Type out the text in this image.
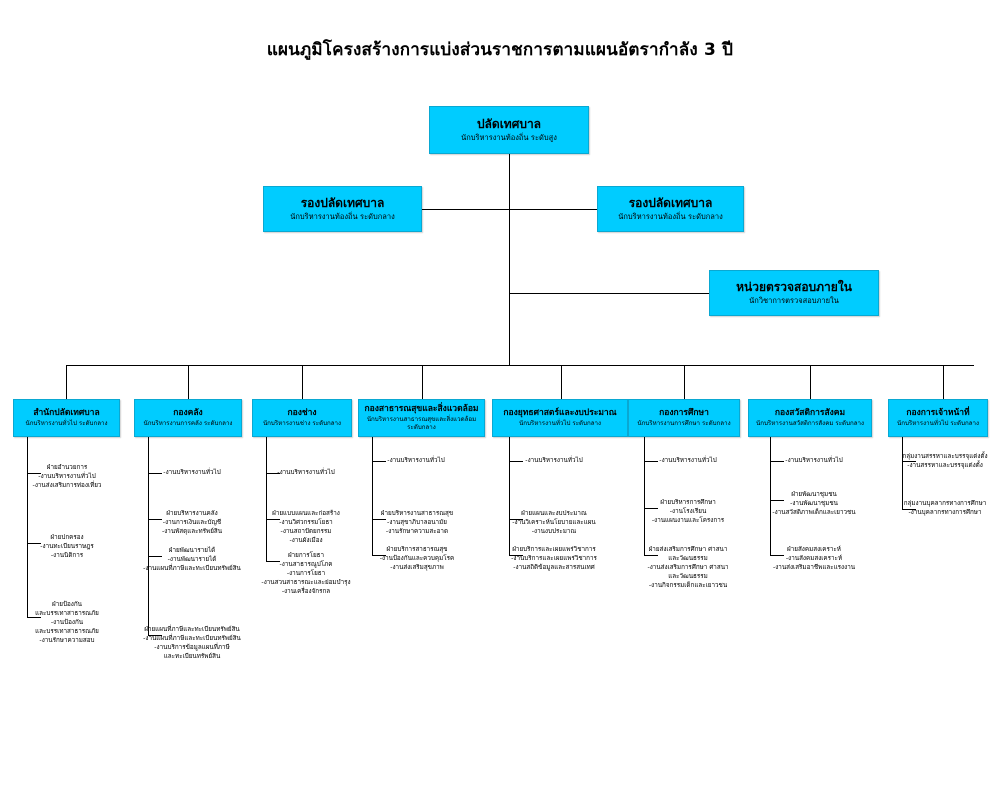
แผนภูมิโครงสร้างการแบ่งส่วนราชการตามแผนอัตรากำลัง 3 ปี
ปลัดเทศบาล
นักบริหารงานท้องถิ่น ระดับสูง
รองปลัดเทศบาล
นักบริหารงานท้องถิ่น ระดับกลาง
รองปลัดเทศบาล
นักบริหารงานท้องถิ่น ระดับกลาง
หน่วยตรวจสอบภายใน
นักวิชาการตรวจสอบภายใน
สำนักปลัดเทศบาล
นักบริหารงานทั่วไป ระดับกลาง
กองคลัง
นักบริหารงานการคลัง ระดับกลาง
กองช่าง
นักบริหารงานช่าง ระดับกลาง
กองสาธารณสุขและสิ่งแวดล้อม
นักบริหารงานสาธารณสุขและสิ่งแวดล้อม ระดับกลาง
กองยุทธศาสตร์และงบประมาณ
นักบริหารงานทั่วไป ระดับกลาง
กองการศึกษา
นักบริหารงานการศึกษา ระดับกลาง
กองสวัสดิการสังคม
นักบริหารงานสวัสดิการสังคม ระดับกลาง
กองการเจ้าหน้าที่
นักบริหารงานทั่วไป ระดับกลาง
ฝ่ายอำนวยการ
-งานบริหารงานทั่วไป
-งานส่งเสริมการท่องเที่ยว
ฝ่ายปกครอง
-งานทะเบียนราษฎร
-งานนิติการ
ฝ่ายป้องกัน
และบรรเทาสาธารณภัย
-งานป้องกัน
และบรรเทาสาธารณภัย
-งานรักษาความสอบ
-งานบริหารงานทั่วไป
ฝ่ายบริหารงานคลัง
-งานการเงินและบัญชี
-งานพัสดุและทรัพย์สิน
ฝ่ายพัฒนารายได้
-งานพัฒนารายได้
-งานแผนที่ภาษีและทะเบียนทรัพย์สิน
ฝ่ายแผนที่ภาษีและทะเบียนทรัพย์สิน
-งานแผนที่ภาษีและทะเบียนทรัพย์สิน
-งานบริการข้อมูลแผนที่ภาษี
และทะเบียนทรัพย์สิน
-งานบริหารงานทั่วไป
ฝ่ายแบบแผนและก่อสร้าง
-งานวิศวกรรมโยธา
-งานสถาปัตยกรรม
-งานผังเมือง
ฝ่ายการโยธา
-งานสาธารณูปโภค
-งานการโยธา
-งานสวนสาธารณะและย่อมบำรุง
-งานเครื่องจักรกล
-งานบริหารงานทั่วไป
ฝ่ายบริหารงานสาธารณสุข
-งานสุขาภิบาลอนามัย
-งานรักษาความสะอาด
ฝ่ายบริการสาธารณสุข
-งานป้องกันและควบคุมโรค
-งานส่งเสริมสุขภาพ
-งานบริหารงานทั่วไป
ฝ่ายแผนและงบประมาณ
-งานวิเคราะห์นโยบายและแผน
-งานงบประมาณ
ฝ่ายบริการและเผยแพร่วิชาการ
-งานบริการและเผยแพร่วิชาการ
-งานสถิติข้อมูลและสารสนเทศ
-งานบริหารงานทั่วไป
ฝ่ายบริหารการศึกษา
-งานโรงเรียน
-งานแผนงานและโครงการ
ฝ่ายส่งเสริมการศึกษา ศาสนา
และวัฒนธรรม
-งานส่งเสริมการศึกษา ศาสนา
และวัฒนธรรม
-งานกิจกรรมเด็กและเยาวชน
-งานบริหารงานทั่วไป
ฝ่ายพัฒนาชุมชน
-งานพัฒนาชุมชน
-งานสวัสดิภาพเด็กและเยาวชน
ฝ่ายสังคมสงเคราะห์
-งานสังคมสงเคราะห์
-งานส่งเสริมอาชีพและแรงงาน
กลุ่มงานสรรหาและบรรจุแต่งตั้ง
-งานสรรหาและบรรจุแต่งตั้ง
กลุ่มงานบุคลากรทางการศึกษา
-งานบุคลากรทางการศึกษา
